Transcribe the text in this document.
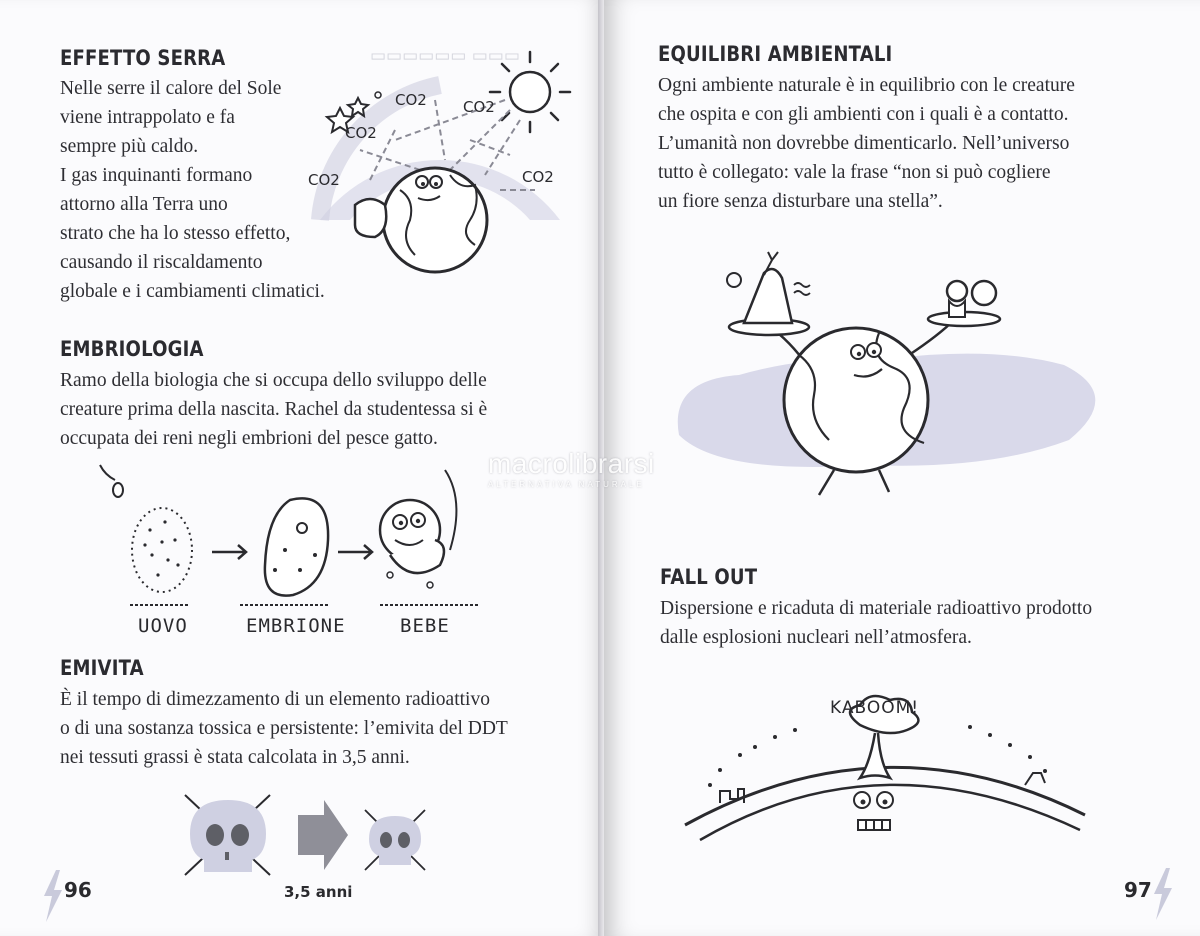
▭▭▭ ▭▭▭▭▭▭
EFFETTO SERRA
Nelle serre il calore del Sole
viene intrappolato e fa
sempre più caldo.
I gas inquinanti formano
attorno alla Terra uno
strato che ha lo stesso effetto,
causando il riscaldamento
globale e i cambiamenti climatici.
CO2 CO2
CO2
CO2	CO2
EMBRIOLOGIA
Ramo della biologia che si occupa dello sviluppo delle
creature prima della nascita. Rachel da studentessa si è
occupata dei reni negli embrioni del pesce gatto.
UOVO	EMBRIONE	BEBE
EMIVITA
È il tempo di dimezzamento di un elemento radioattivo
o di una sostanza tossica e persistente: l’emivita del DDT
nei tessuti grassi è stata calcolata in 3,5 anni.
3,5 anni
96
EQUILIBRI AMBIENTALI
Ogni ambiente naturale è in equilibrio con le creature
che ospita e con gli ambienti con i quali è a contatto.
L’umanità non dovrebbe dimenticarlo. Nell’universo
tutto è collegato: vale la frase “non si può cogliere
un fiore senza disturbare una stella”.
FALL OUT
Dispersione e ricaduta di materiale radioattivo prodotto
dalle esplosioni nucleari nell’atmosfera.
KABOOM!
97
macrolibrarsi
ALTERNATIVA NATURALE
